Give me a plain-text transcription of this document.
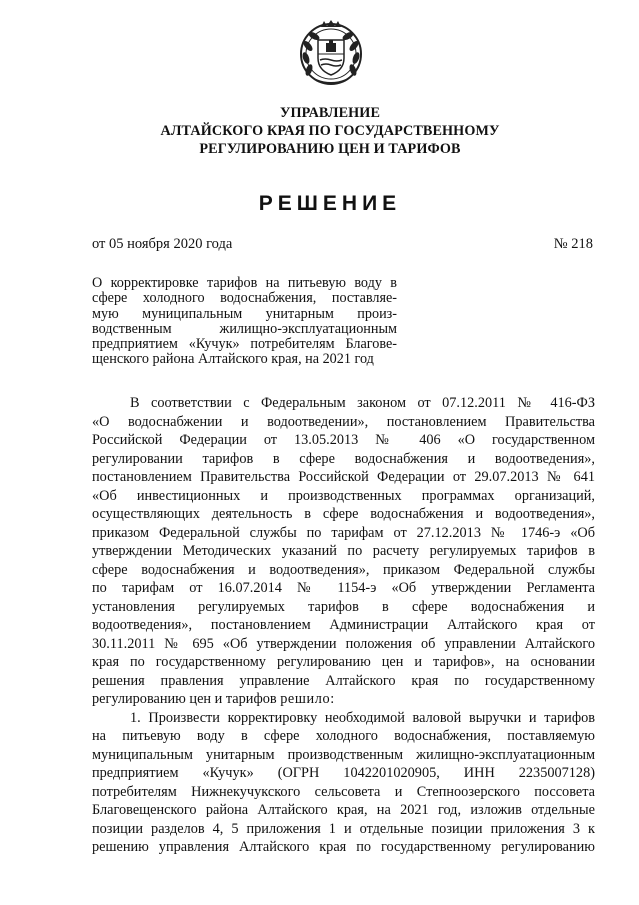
УПРАВЛЕНИЕ
АЛТАЙСКОГО КРАЯ ПО ГОСУДАРСТВЕННОМУ
РЕГУЛИРОВАНИЮ ЦЕН И ТАРИФОВ
РЕШЕНИЕ
от 05 ноября 2020 года	№ 218
О корректировке тарифов на питьевую воду в
сфере холодного водоснабжения, поставляе-
мую муниципальным унитарным произ-
водственным жилищно-эксплуатационным
предприятием «Кучук» потребителям Благове-
щенского района Алтайского края, на 2021 год
В соответствии с Федеральным законом от 07.12.2011 № 416-ФЗ
«О водоснабжении и водоотведении», постановлением Правительства
Российской Федерации от 13.05.2013 № 406 «О государственном
регулировании тарифов в сфере водоснабжения и водоотведения»,
постановлением Правительства Российской Федерации от 29.07.2013 № 641
«Об инвестиционных и производственных программах организаций,
осуществляющих деятельность в сфере водоснабжения и водоотведения»,
приказом Федеральной службы по тарифам от 27.12.2013 № 1746-э «Об
утверждении Методических указаний по расчету регулируемых тарифов в
сфере водоснабжения и водоотведения», приказом Федеральной службы
по тарифам от 16.07.2014 № 1154-э «Об утверждении Регламента
установления регулируемых тарифов в сфере водоснабжения и
водоотведения», постановлением Администрации Алтайского края от
30.11.2011 № 695 «Об утверждении положения об управлении Алтайского
края по государственному регулированию цен и тарифов», на основании
решения правления управление Алтайского края по государственному
регулированию цен и тарифов решило:
1. Произвести корректировку необходимой валовой выручки и тарифов
на питьевую воду в сфере холодного водоснабжения, поставляемую
муниципальным унитарным производственным жилищно-эксплуатационным
предприятием «Кучук» (ОГРН 1042201020905, ИНН 2235007128)
потребителям Нижнекучукского сельсовета и Степноозерского поссовета
Благовещенского района Алтайского края, на 2021 год, изложив отдельные
позиции разделов 4, 5 приложения 1 и отдельные позиции приложения 3 к
решению управления Алтайского края по государственному регулированию
